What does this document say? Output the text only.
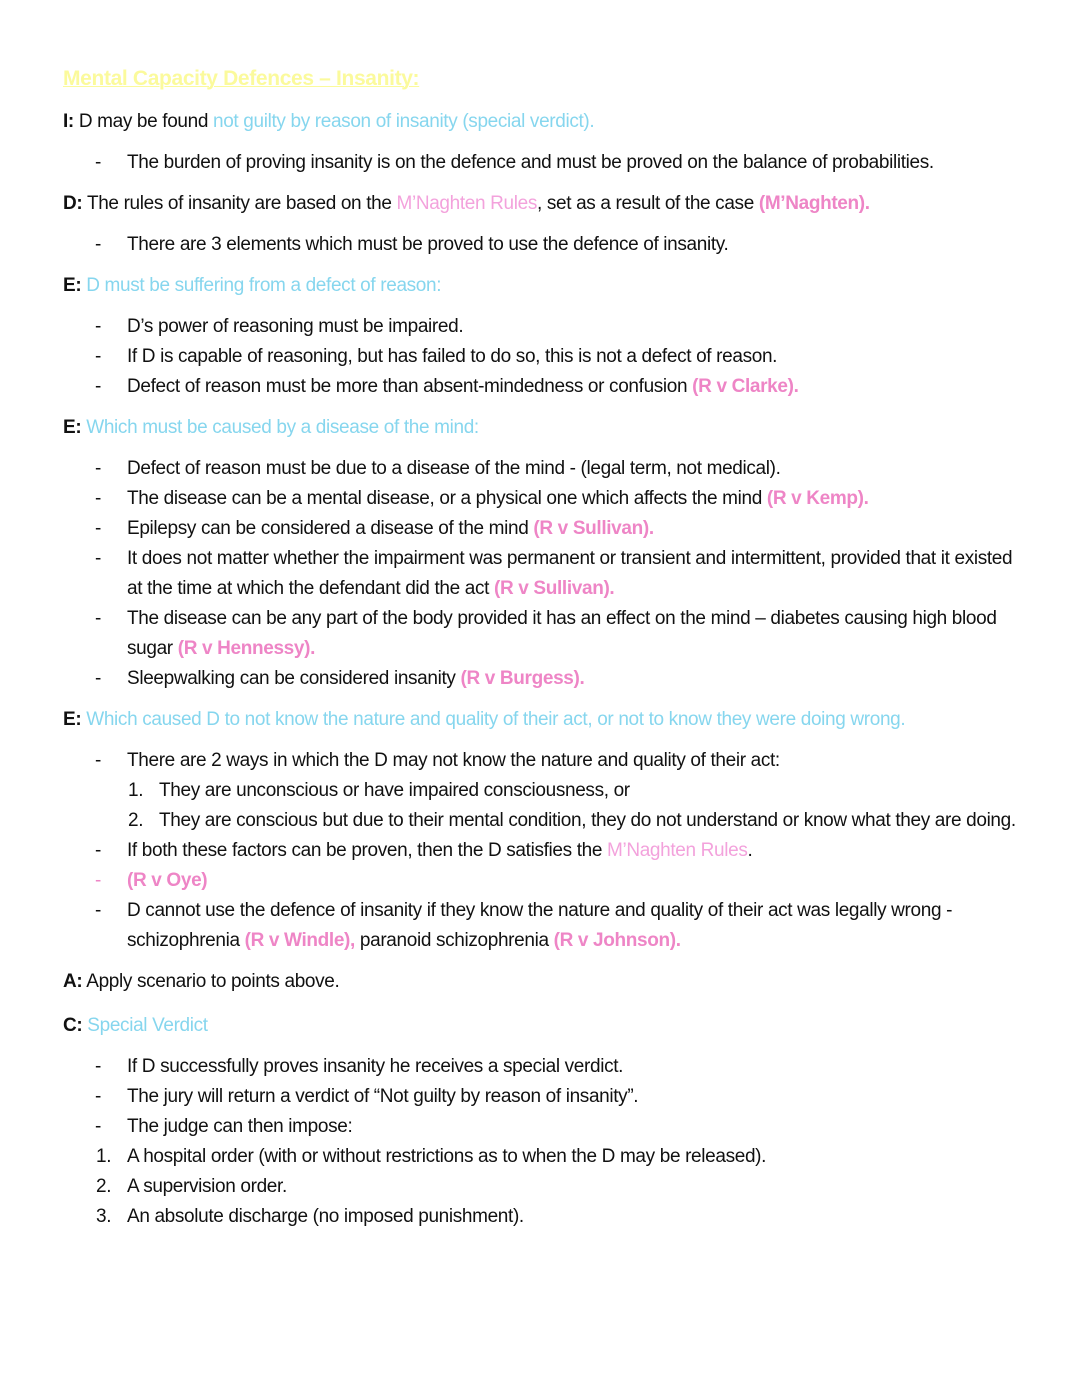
Mental Capacity Defences – Insanity:
I: D may be found not guilty by reason of insanity (special verdict).
- The burden of proving insanity is on the defence and must be proved on the balance of probabilities.
D: The rules of insanity are based on the M’Naghten Rules, set as a result of the case (M’Naghten).
- There are 3 elements which must be proved to use the defence of insanity.
E: D must be suffering from a defect of reason:
- D’s power of reasoning must be impaired.
- If D is capable of reasoning, but has failed to do so, this is not a defect of reason.
- Defect of reason must be more than absent-mindedness or confusion (R v Clarke).
E: Which must be caused by a disease of the mind:
- Defect of reason must be due to a disease of the mind - (legal term, not medical).
- The disease can be a mental disease, or a physical one which affects the mind (R v Kemp).
- Epilepsy can be considered a disease of the mind (R v Sullivan).
- It does not matter whether the impairment was permanent or transient and intermittent, provided that it existed at the time at which the defendant did the act (R v Sullivan).
- The disease can be any part of the body provided it has an effect on the mind – diabetes causing high blood sugar (R v Hennessy).
- Sleepwalking can be considered insanity (R v Burgess).
E: Which caused D to not know the nature and quality of their act, or not to know they were doing wrong.
- There are 2 ways in which the D may not know the nature and quality of their act:
1. They are unconscious or have impaired consciousness, or
2. They are conscious but due to their mental condition, they do not understand or know what they are doing.
- If both these factors can be proven, then the D satisfies the M’Naghten Rules.
- (R v Oye)
- D cannot use the defence of insanity if they know the nature and quality of their act was legally wrong - schizophrenia (R v Windle), paranoid schizophrenia (R v Johnson).
A: Apply scenario to points above.
C: Special Verdict
- If D successfully proves insanity he receives a special verdict.
- The jury will return a verdict of “Not guilty by reason of insanity”.
- The judge can then impose:
1. A hospital order (with or without restrictions as to when the D may be released).
2. A supervision order.
3. An absolute discharge (no imposed punishment).
